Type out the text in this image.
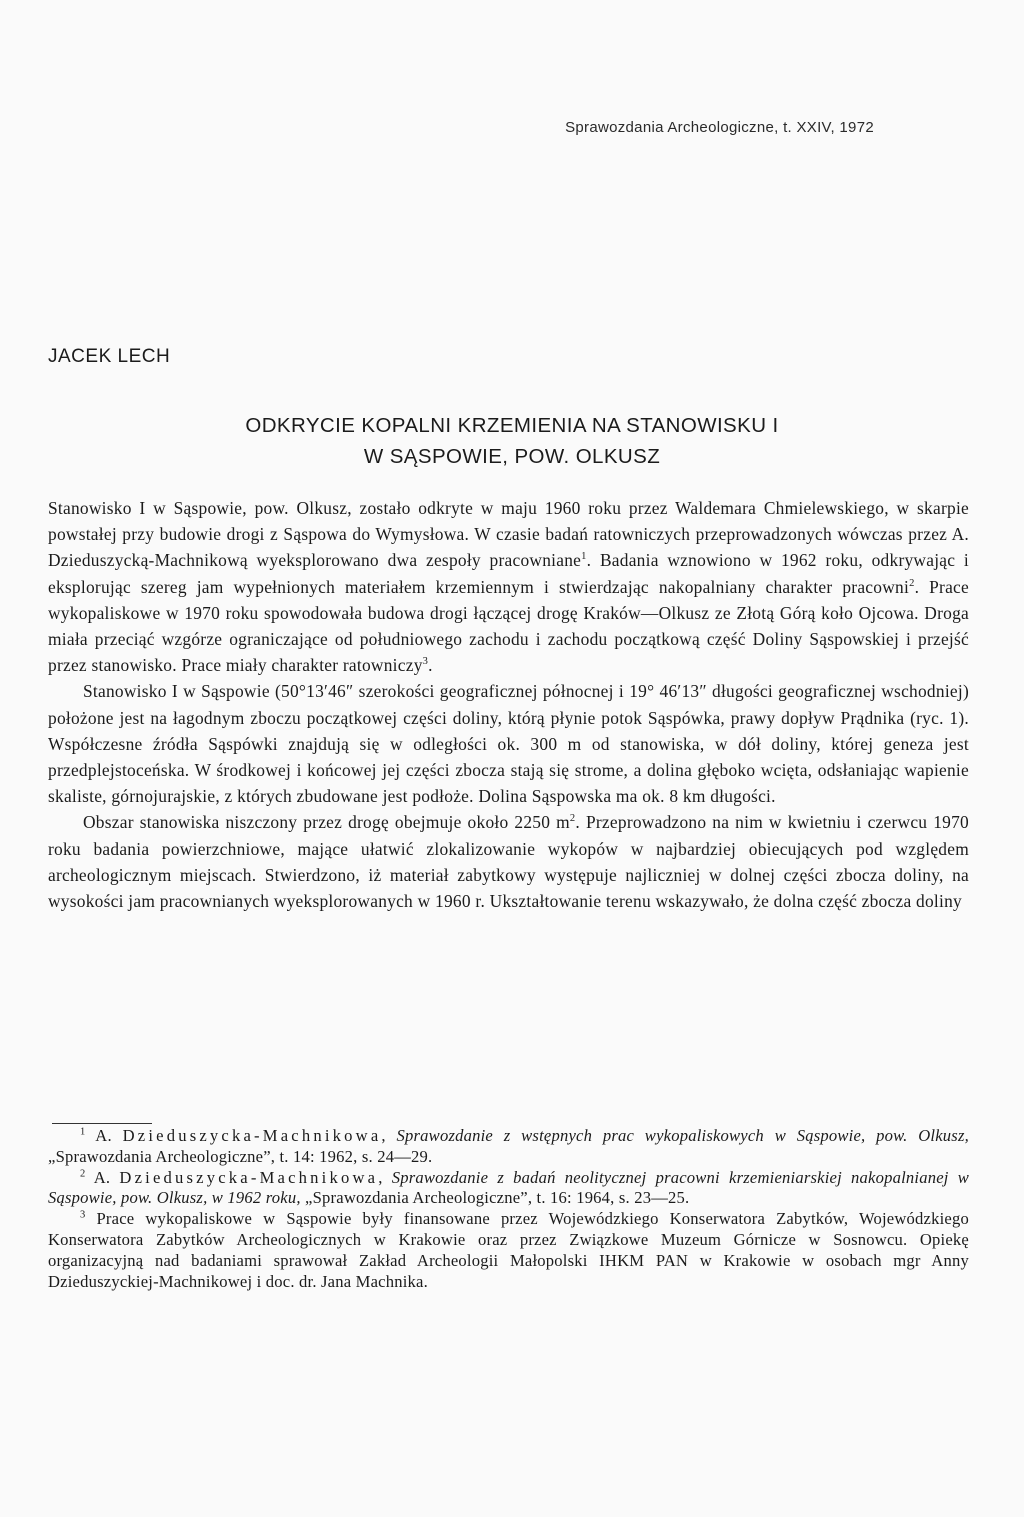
Sprawozdania Archeologiczne, t. XXIV, 1972
JACEK LECH
ODKRYCIE KOPALNI KRZEMIENIA NA STANOWISKU I
W SĄSPOWIE, POW. OLKUSZ

Stanowisko I w Sąspowie, pow. Olkusz, zostało odkryte w maju 1960 roku przez Waldemara Chmielewskiego, w skarpie powstałej przy budowie drogi z Sąspowa do Wymysłowa. W czasie badań ratowniczych przeprowadzonych wówczas przez A. Dzieduszycką-Machnikową wyeksplorowano dwa zespoły pracowniane$^1$. Badania wznowiono w 1962 roku, odkrywając i eksplorując szereg jam wypełnionych materiałem krzemiennym i stwierdzając nakopalniany charakter pracowni$^2$. Prace wykopaliskowe w 1970 roku spowodowała budowa drogi łączącej drogę Kraków—Olkusz ze Złotą Górą koło Ojcowa. Droga miała przeciąć wzgórze ograniczające od południowego zachodu i zachodu początkową część Doliny Sąspowskiej i przejść przez stanowisko. Prace miały charakter ratowniczy$^3$.

Stanowisko I w Sąspowie (50°13′46″ szerokości geograficznej północnej i 19° 46′13″ długości geograficznej wschodniej) położone jest na łagodnym zboczu początkowej części doliny, którą płynie potok Sąspówka, prawy dopływ Prądnika (ryc. 1). Współczesne źródła Sąspówki znajdują się w odległości ok. 300 m od stanowiska, w dół doliny, której geneza jest przedplejstoceńska. W środkowej i końcowej jej części zbocza stają się strome, a dolina głęboko wcięta, odsłaniając wapienie skaliste, górnojurajskie, z których zbudowane jest podłoże. Dolina Sąspowska ma ok. 8 km długości.

Obszar stanowiska niszczony przez drogę obejmuje około 2250 $m^2$. Przeprowadzono na nim w kwietniu i czerwcu 1970 roku badania powierzchniowe, mające ułatwić zlokalizowanie wykopów w najbardziej obiecujących pod względem archeologicznym miejscach. Stwierdzono, iż materiał zabytkowy występuje najliczniej w dolnej części zbocza doliny, na wysokości jam pracownianych wyeksplorowanych w 1960 r. Ukształtowanie terenu wskazywało, że dolna część zbocza doliny

$^1$ A. Dzieduszycka-Machnikowa, Sprawozdanie z wstępnych prac wykopaliskowych w Sąspowie, pow. Olkusz, „Sprawozdania Archeologiczne”, t. 14: 1962, s. 24—29.

$^2$ A. Dzieduszycka-Machnikowa, Sprawozdanie z badań neolitycznej pracowni krzemieniarskiej nakopalnianej w Sąspowie, pow. Olkusz, w 1962 roku, „Sprawozdania Archeologiczne”, t. 16: 1964, s. 23—25.

$^3$ Prace wykopaliskowe w Sąspowie były finansowane przez Wojewódzkiego Konserwatora Zabytków, Wojewódzkiego Konserwatora Zabytków Archeologicznych w Krakowie oraz przez Związkowe Muzeum Górnicze w Sosnowcu. Opiekę organizacyjną nad badaniami sprawował Zakład Archeologii Małopolski IHKM PAN w Krakowie w osobach mgr Anny Dzieduszyckiej-Machnikowej i doc. dr. Jana Machnika.
